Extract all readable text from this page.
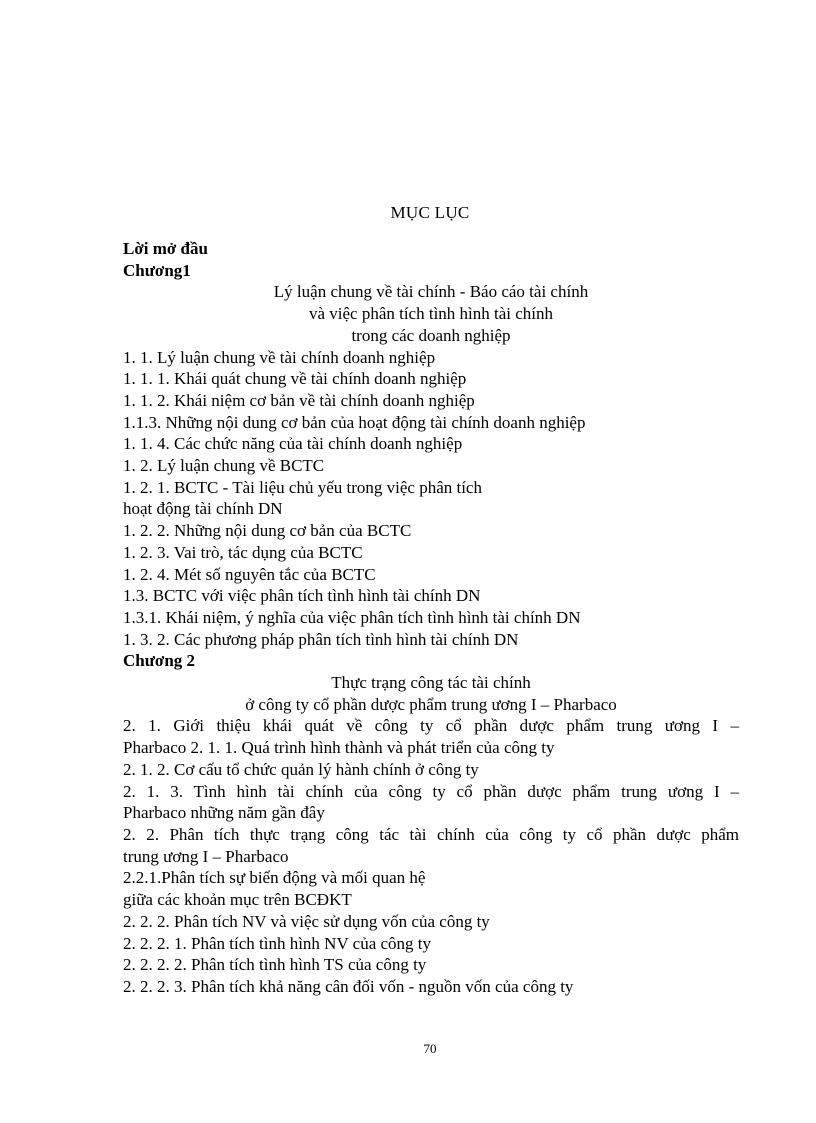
MỤC LỤC
Lời mở đầu
Chương1
Lý luận chung về tài chính - Báo cáo tài chính
và việc phân tích tình hình tài chính
trong các doanh nghiệp
1. 1. Lý luận chung về tài chính doanh nghiệp
1. 1. 1. Khái quát chung về tài chính doanh nghiệp
1. 1. 2. Khái niệm cơ bản về tài chính doanh nghiệp
1.1.3. Những nội dung cơ bản của hoạt động tài chính doanh nghiệp
1. 1. 4. Các chức năng của tài chính doanh nghiệp
1. 2. Lý luận chung về BCTC
1. 2. 1. BCTC - Tài liệu chủ yếu trong việc phân tích
hoạt động tài chính DN
1. 2. 2. Những nội dung cơ bản của BCTC
1. 2. 3. Vai trò, tác dụng của BCTC
1. 2. 4. Mét số nguyên tắc của BCTC
1.3. BCTC với việc phân tích tình hình tài chính DN
1.3.1. Khái niệm, ý nghĩa của việc phân tích tình hình tài chính DN
1. 3. 2. Các phương pháp phân tích tình hình tài chính DN
Chương 2
Thực trạng công tác tài chính
ở công ty cổ phần dược phẩm trung ương I – Pharbaco
2. 1. Giới thiệu khái quát về công ty cổ phần dược phẩm trung ương I –
Pharbaco 2. 1. 1. Quá trình hình thành và phát triển của công ty
2. 1. 2. Cơ cấu tổ chức quản lý hành chính ở công ty
2. 1. 3. Tình hình tài chính của công ty cổ phần dược phẩm trung ương I –
Pharbaco những năm gần đây
2. 2. Phân tích thực trạng công tác tài chính của công ty cổ phần dược phẩm
trung ương I – Pharbaco
2.2.1.Phân tích sự biến động và mối quan hệ
giữa các khoản mục trên BCĐKT
2. 2. 2. Phân tích NV và việc sử dụng vốn của công ty
2. 2. 2. 1. Phân tích tình hình NV của công ty
2. 2. 2. 2. Phân tích tình hình TS của công ty
2. 2. 2. 3. Phân tích khả năng cân đối vốn - nguồn vốn của công ty
70
